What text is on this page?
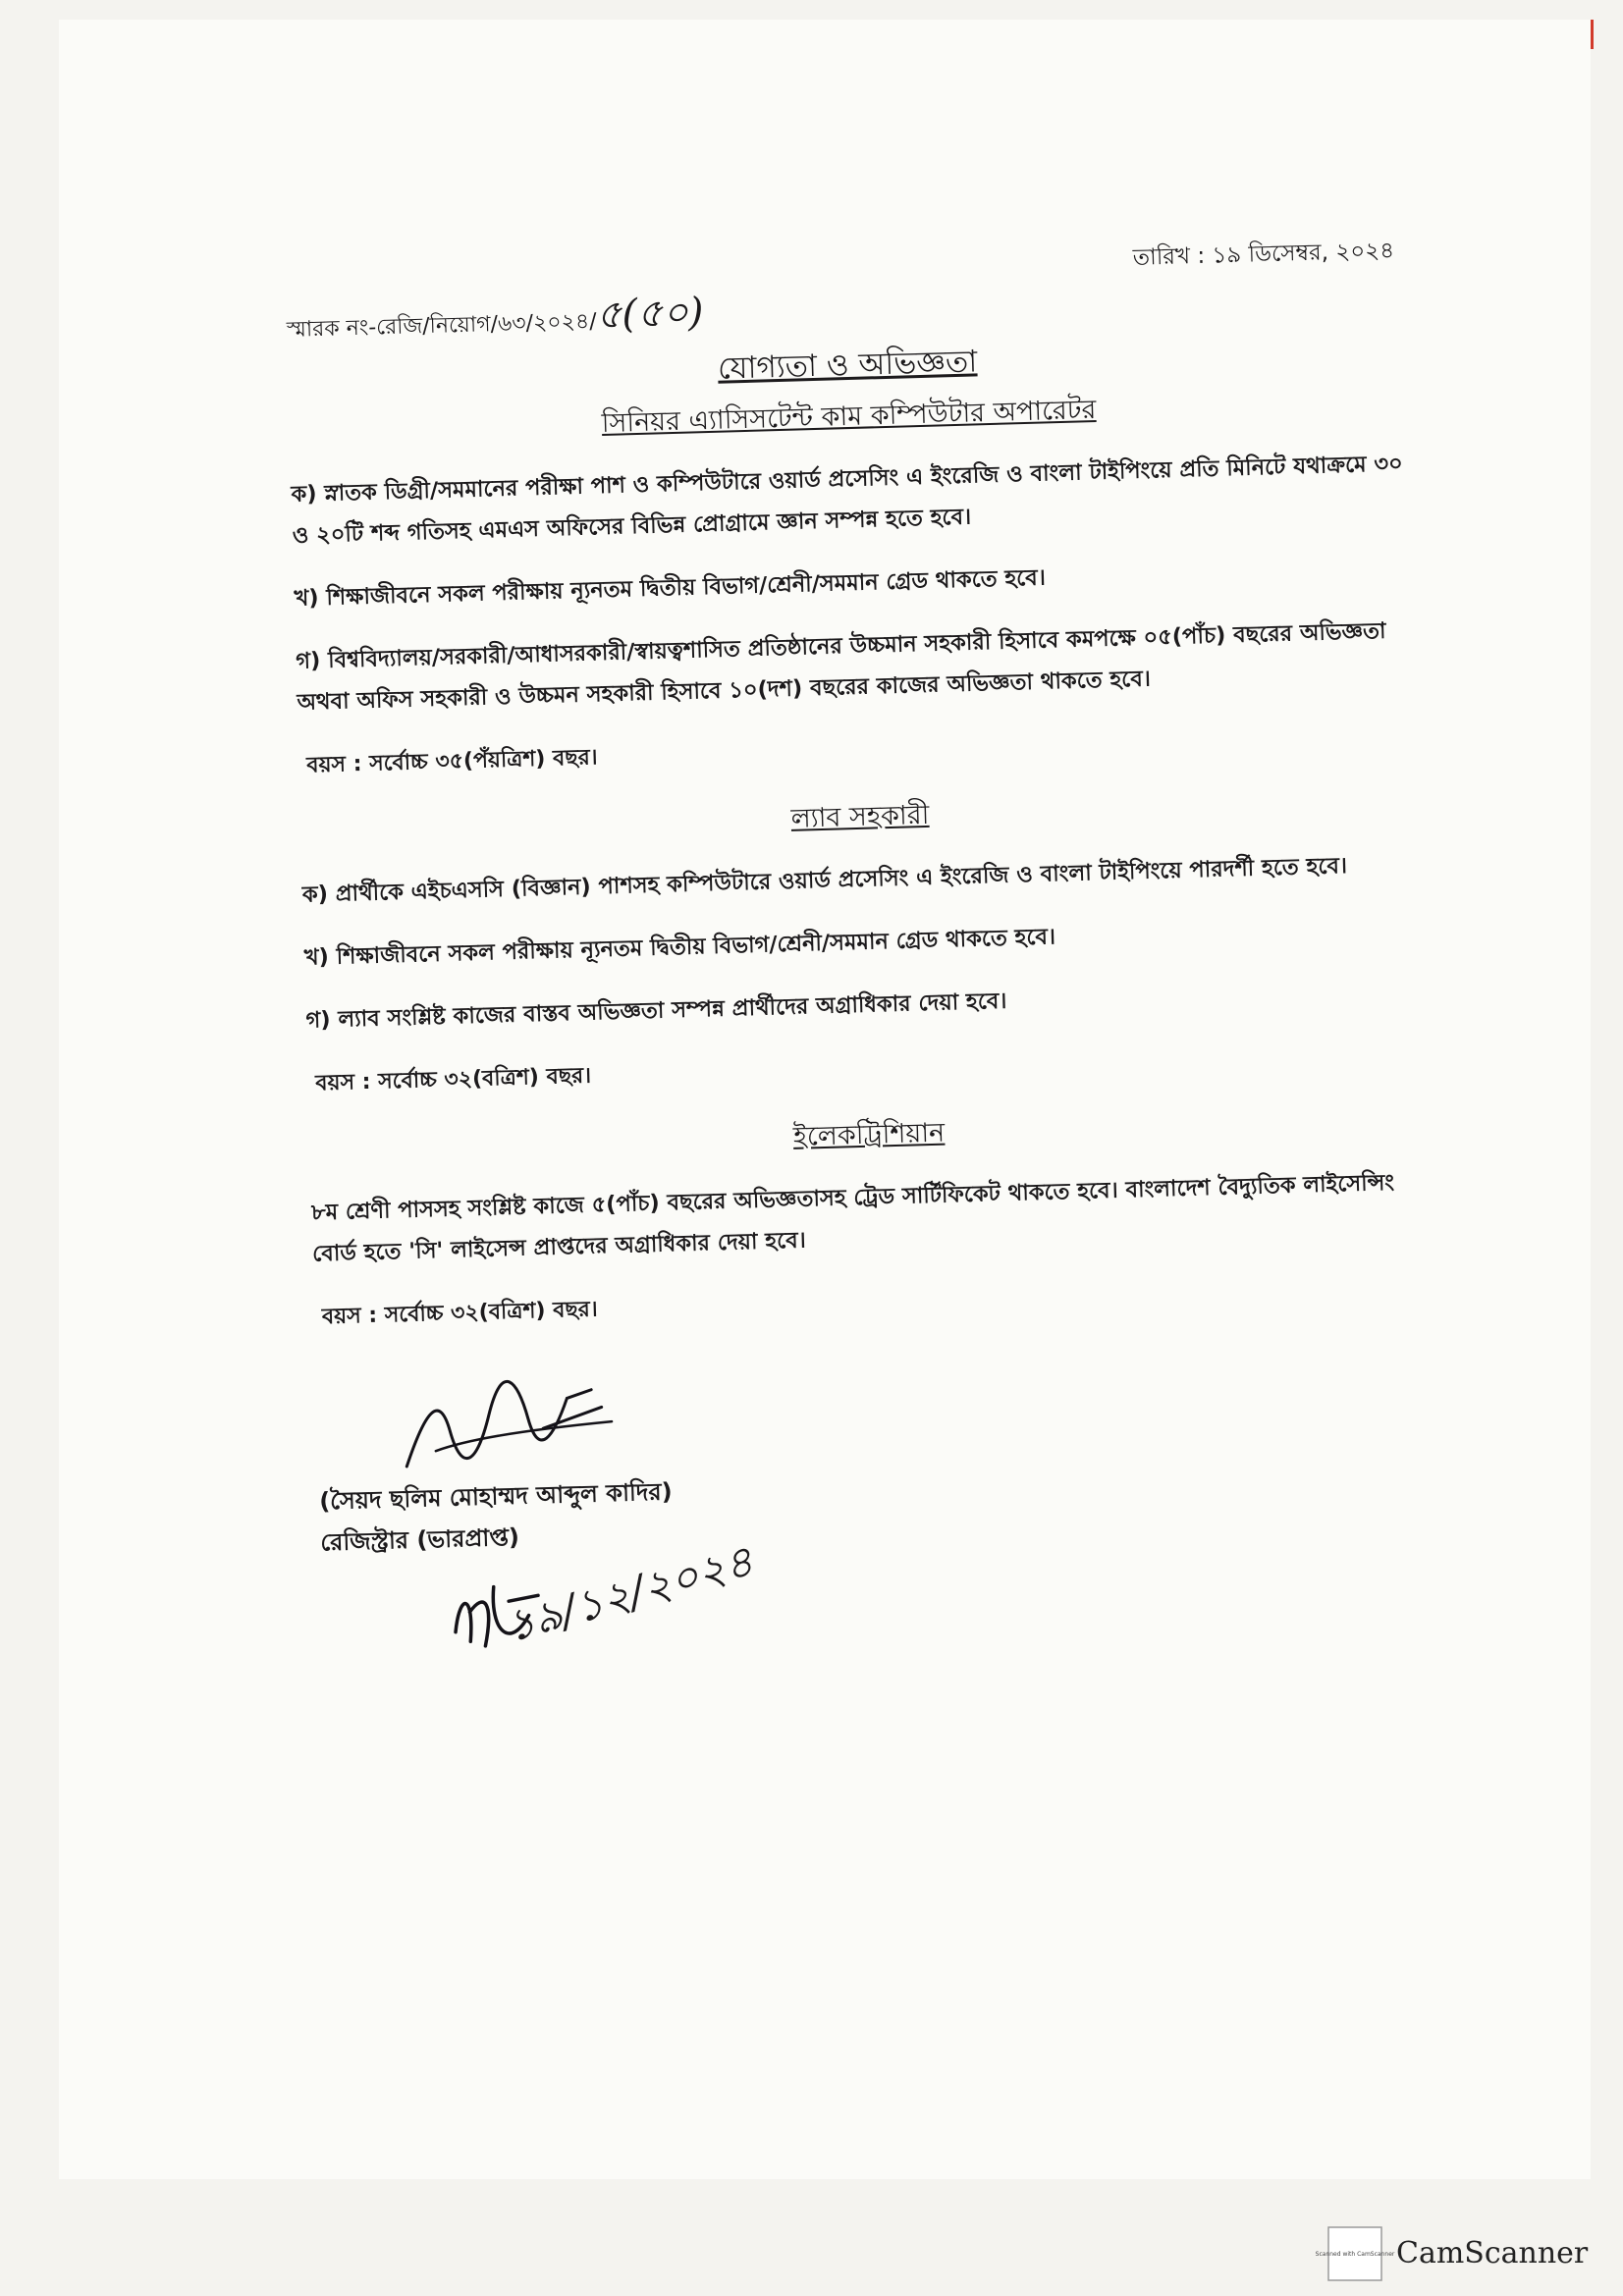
স্মারক নং-রেজি/নিয়োগ/৬৩/২০২৪/৫(৫০)
তারিখ : ১৯ ডিসেম্বর, ২০২৪
যোগ্যতা ও অভিজ্ঞতা
সিনিয়র এ্যাসিসটেন্ট কাম কম্পিউটার অপারেটর

ক) স্নাতক ডিগ্রী/সমমানের পরীক্ষা পাশ ও কম্পিউটারে ওয়ার্ড প্রসেসিং এ ইংরেজি ও বাংলা টাইপিংয়ে প্রতি মিনিটে যথাক্রমে ৩০ ও ২০টি শব্দ গতিসহ এমএস অফিসের বিভিন্ন প্রোগ্রামে জ্ঞান সম্পন্ন হতে হবে।

খ) শিক্ষাজীবনে সকল পরীক্ষায় ন্যূনতম দ্বিতীয় বিভাগ/শ্রেনী/সমমান গ্রেড থাকতে হবে।

গ) বিশ্ববিদ্যালয়/সরকারী/আধাসরকারী/স্বায়ত্বশাসিত প্রতিষ্ঠানের উচ্চমান সহকারী হিসাবে কমপক্ষে ০৫(পাঁচ) বছরের অভিজ্ঞতা অথবা অফিস সহকারী ও উচ্চমন সহকারী হিসাবে ১০(দশ) বছরের কাজের অভিজ্ঞতা থাকতে হবে।

বয়স : সর্বোচ্চ ৩৫(পঁয়ত্রিশ) বছর।
ল্যাব সহকারী

ক) প্রার্থীকে এইচএসসি (বিজ্ঞান) পাশসহ কম্পিউটারে ওয়ার্ড প্রসেসিং এ ইংরেজি ও বাংলা টাইপিংয়ে পারদর্শী হতে হবে।

খ) শিক্ষাজীবনে সকল পরীক্ষায় ন্যূনতম দ্বিতীয় বিভাগ/শ্রেনী/সমমান গ্রেড থাকতে হবে।

গ) ল্যাব সংশ্লিষ্ট কাজের বাস্তব অভিজ্ঞতা সম্পন্ন প্রার্থীদের অগ্রাধিকার দেয়া হবে।

বয়স : সর্বোচ্চ ৩২(বত্রিশ) বছর।
ইলেকট্রিশিয়ান

৮ম শ্রেণী পাসসহ সংশ্লিষ্ট কাজে ৫(পাঁচ) বছরের অভিজ্ঞতাসহ ট্রেড সার্টিফিকেট থাকতে হবে। বাংলাদেশ বৈদ্যুতিক লাইসেন্সিং বোর্ড হতে 'সি' লাইসেন্স প্রাপ্তদের অগ্রাধিকার দেয়া হবে।

বয়স : সর্বোচ্চ ৩২(বত্রিশ) বছর।
(সৈয়দ ছলিম মোহাম্মদ আব্দুল কাদির)
রেজিস্ট্রার (ভারপ্রাপ্ত)
১৯/১২/২০২৪
Scanned with CamScanner CamScanner
